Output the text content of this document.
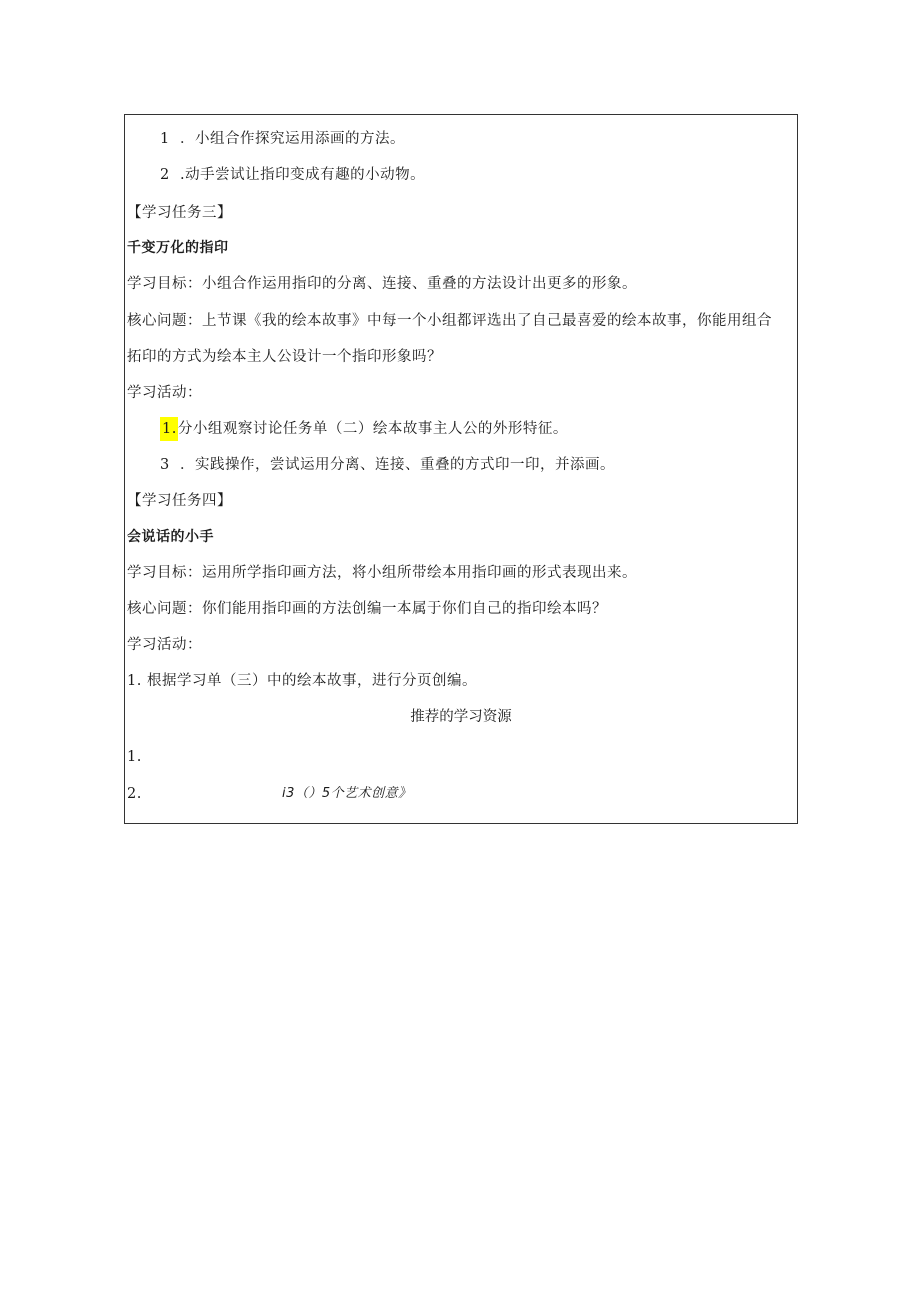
1 ．小组合作探究运用添画的方法。
2 .动手尝试让指印变成有趣的小动物。
【学习任务三】
千变万化的指印
学习目标：小组合作运用指印的分离、连接、重叠的方法设计出更多的形象。
核心问题：上节课《我的绘本故事》中每一个小组都评选出了自己最喜爱的绘本故事，你能用组合
拓印的方式为绘本主人公设计一个指印形象吗？
学习活动：
1.分小组观察讨论任务单（二）绘本故事主人公的外形特征。
3 ．实践操作，尝试运用分离、连接、重叠的方式印一印，并添画。
【学习任务四】
会说话的小手
学习目标：运用所学指印画方法，将小组所带绘本用指印画的形式表现出来。
核心问题：你们能用指印画的方法创编一本属于你们自己的指印绘本吗？
学习活动：
1. 根据学习单（三）中的绘本故事，进行分页创编。
推荐的学习资源
1.
2.	i3（）5个艺术创意》
